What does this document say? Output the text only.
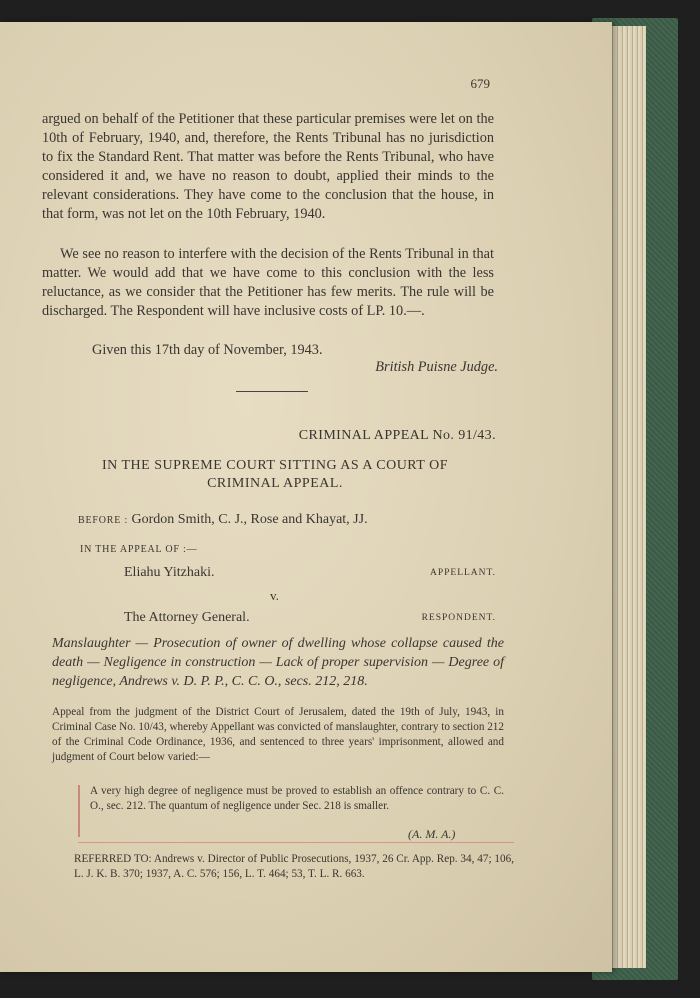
679

argued on behalf of the Petitioner that these particular premises were let on the 10th of February, 1940, and, therefore, the Rents Tribunal has no jurisdiction to fix the Standard Rent. That matter was before the Rents Tribunal, who have considered it and, we have no reason to doubt, applied their minds to the relevant considerations. They have come to the conclusion that the house, in that form, was not let on the 10th February, 1940.

We see no reason to interfere with the decision of the Rents Tribunal in that matter. We would add that we have come to this conclusion with the less reluctance, as we consider that the Petitioner has few merits. The rule will be discharged. The Respondent will have inclusive costs of LP. 10.—.

Given this 17th day of November, 1943.
British Puisne Judge.
CRIMINAL APPEAL No. 91/43.
IN THE SUPREME COURT SITTING AS A COURT OF
CRIMINAL APPEAL.
BEFORE : Gordon Smith, C. J., Rose and Khayat, JJ.
IN THE APPEAL OF :—
Eliahu Yitzhaki.	APPELLANT.
v.
The Attorney General.	RESPONDENT.
Manslaughter — Prosecution of owner of dwelling whose collapse caused the death — Negligence in construction — Lack of proper supervision — Degree of negligence, Andrews v. D. P. P., C. C. O., secs. 212, 218.
Appeal from the judgment of the District Court of Jerusalem, dated the 19th of July, 1943, in Criminal Case No. 10/43, whereby Appellant was convicted of manslaughter, contrary to section 212 of the Criminal Code Ordinance, 1936, and sentenced to three years' imprisonment, allowed and judgment of Court below varied:—
A very high degree of negligence must be proved to establish an offence contrary to C. C. O., sec. 212. The quantum of negligence under Sec. 218 is smaller.
(A. M. A.)
REFERRED TO: Andrews v. Director of Public Prosecutions, 1937, 26 Cr. App. Rep. 34, 47; 106, L. J. K. B. 370; 1937, A. C. 576; 156, L. T. 464; 53, T. L. R. 663.
